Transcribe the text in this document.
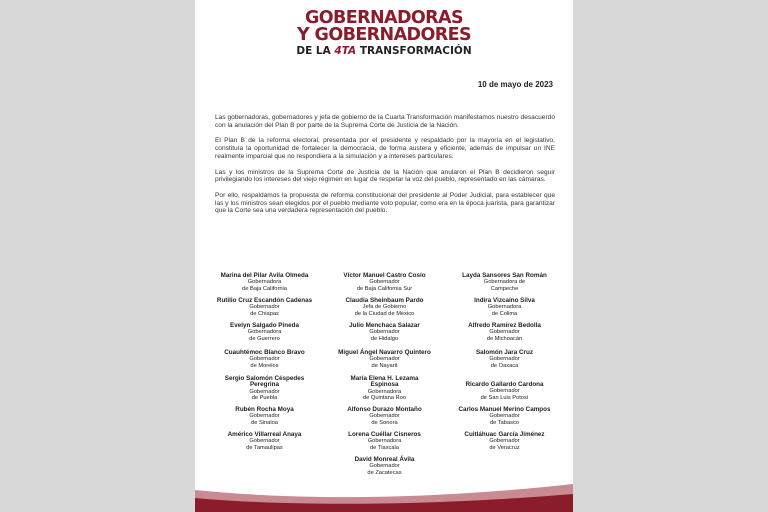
GOBERNADORAS
Y GOBERNADORES
DE LA 4TA TRANSFORMACIÓN
10 de mayo de 2023

Las gobernadoras, gobernadores y jefa de gobierno de la Cuarta Transformación manifestamos nuestro desacuerdo con la anulación del Plan B por parte de la Suprema Corte de Justicia de la Nación.

El Plan B de la reforma electoral, presentada por el presidente y respaldado por la mayoría en el legislativo, constituía la oportunidad de fortalecer la democracia, de forma austera y eficiente, además de impulsar un INE realmente imparcial que no respondiera a la simulación y a intereses particulares.

Las y los ministros de la Suprema Corte de Justicia de la Nación que anularon el Plan B decidieron seguir privilegiando los intereses del viejo régimen en lugar de respetar la voz del pueblo, representado en las cámaras.

Por ello, respaldamos la propuesta de reforma constitucional del presidente al Poder Judicial, para establecer que las y los ministros sean elegidos por el pueblo mediante voto popular, como era en la época juarista, para garantizar que la Corte sea una verdadera representación del pueblo.

Marina del Pilar Avila Olmeda
Gobernadora
de Baja California
Rutilio Cruz Escandón Cadenas
Gobernador
de Chiapas
Evelyn Salgado Pineda
Gobernadora
de Guerrero
Cuauhtémoc Blanco Bravo
Gobernador
de Morelos
Sergio Salomón Céspedes Peregrina
Gobernador
de Puebla
Rubén Rocha Moya
Gobernador
de Sinaloa
Américo Villarreal Anaya
Gobernador
de Tamaulipas
Víctor Manuel Castro Cosío
Gobernador
de Baja California Sur
Claudia Sheinbaum Pardo
Jefa de Gobierno
de la Ciudad de México
Julio Menchaca Salazar
Gobernador
de Hidalgo
Miguel Ángel Navarro Quintero
Gobernador
de Nayarit
María Elena H. Lezama Espinosa
Gobernadora
de Quintana Roo
Alfonso Durazo Montaño
Gobernador
de Sonora
Lorena Cuéllar Cisneros
Gobernadora
de Tlaxcala
David Monreal Ávila
Gobernador
de Zacatecas
Layda Sansores San Román
Gobernadora de
Campeche
Indira Vizcaíno Silva
Gobernadora
de Colima
Alfredo Ramírez Bedolla
Gobernador
de Michoacán
Salomón Jara Cruz
Gobernador
de Oaxaca
Ricardo Gallardo Cardona
Gobernador
de San Luis Potosí
Carlos Manuel Merino Campos
Gobernador
de Tabasco
Cuitláhuac García Jiménez
Gobernador
de Veracruz
